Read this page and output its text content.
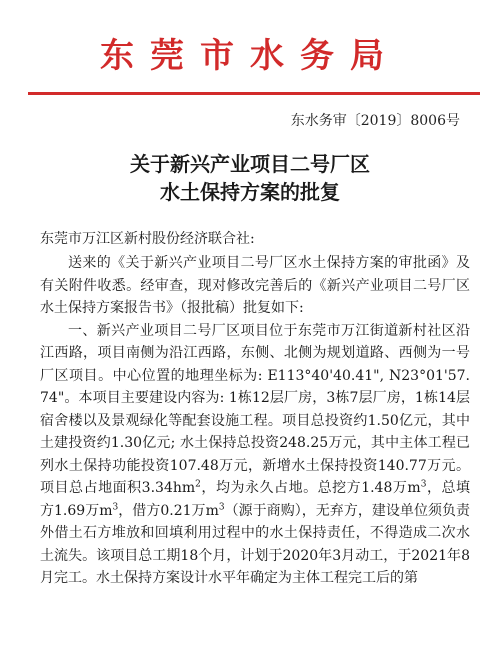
东莞市水务局
东水务审〔2019〕8006号
关于新兴产业项目二号厂区
水土保持方案的批复
东莞市万江区新村股份经济联合社:

送来的《关于新兴产业项目二号厂区水土保持方案的审批函》及有关附件收悉。经审查，现对修改完善后的《新兴产业项目二号厂区水土保持方案报告书》（报批稿）批复如下:

一、新兴产业项目二号厂区项目位于东莞市万江街道新村社区沿江西路，项目南侧为沿江西路，东侧、北侧为规划道路、西侧为一号厂区项目。中心位置的地理坐标为: E113°40'40.41", N23°01'57.74"。本项目主要建设内容为: 1栋12层厂房，3栋7层厂房，1栋14层宿舍楼以及景观绿化等配套设施工程。项目总投资约1.50亿元，其中土建投资约1.30亿元; 水土保持总投资248.25万元，其中主体工程已列水土保持功能投资107.48万元，新增水土保持投资140.77万元。项目总占地面积$3.34hm^2$，均为永久占地。总挖方1.48万$m^3$，总填方1.69万$m^3$，借方0.21万$m^3$（源于商购），无弃方，建设单位须负责外借土石方堆放和回填利用过程中的水土保持责任，不得造成二次水土流失。该项目总工期18个月，计划于2020年3月动工，于2021年8月完工。水土保持方案设计水平年确定为主体工程完工后的第
